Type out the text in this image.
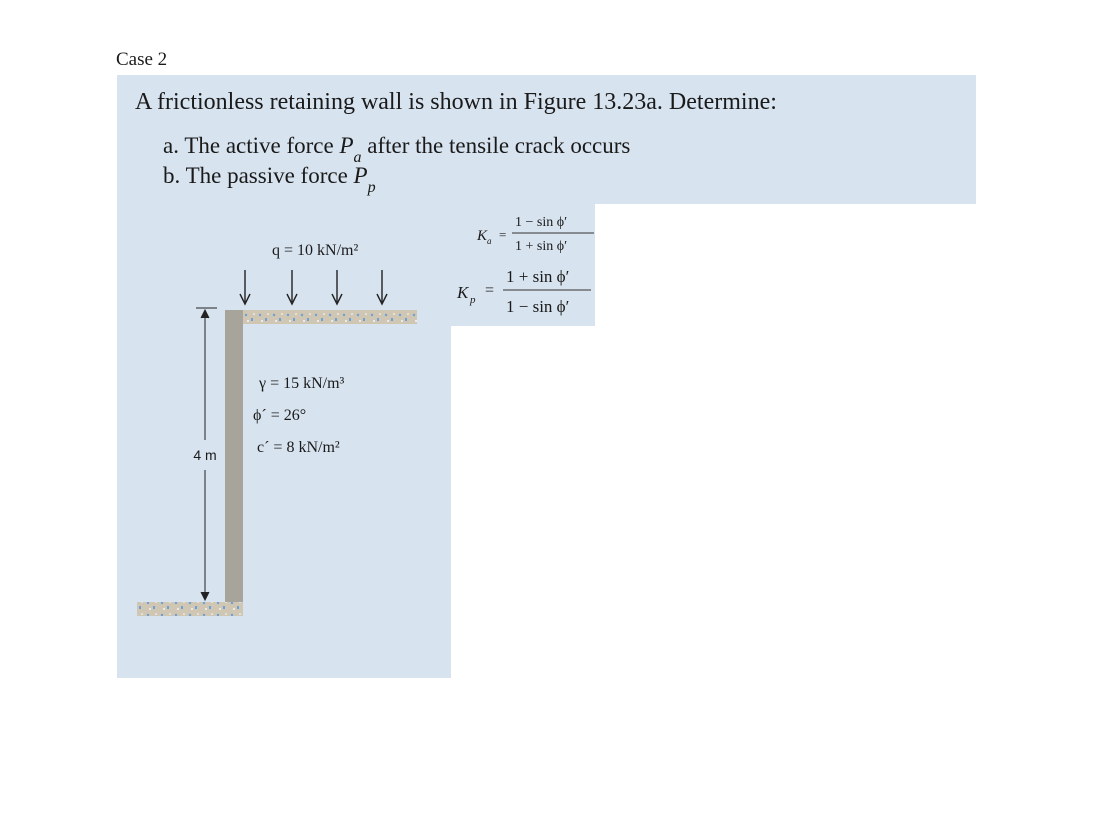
Case 2
A frictionless retaining wall is shown in Figure 13.23a. Determine:
a. The active force $P_a$ after the tensile crack occurs
b. The passive force $P_p$
q = 10 kN/m²
4 m
γ = 15 kN/m³
ϕ´ = 26°
c´ = 8 kN/m²
K a =
1 − sin ϕ′
1 + sin ϕ′
K p
=
1 + sin ϕ′
1 − sin ϕ′
